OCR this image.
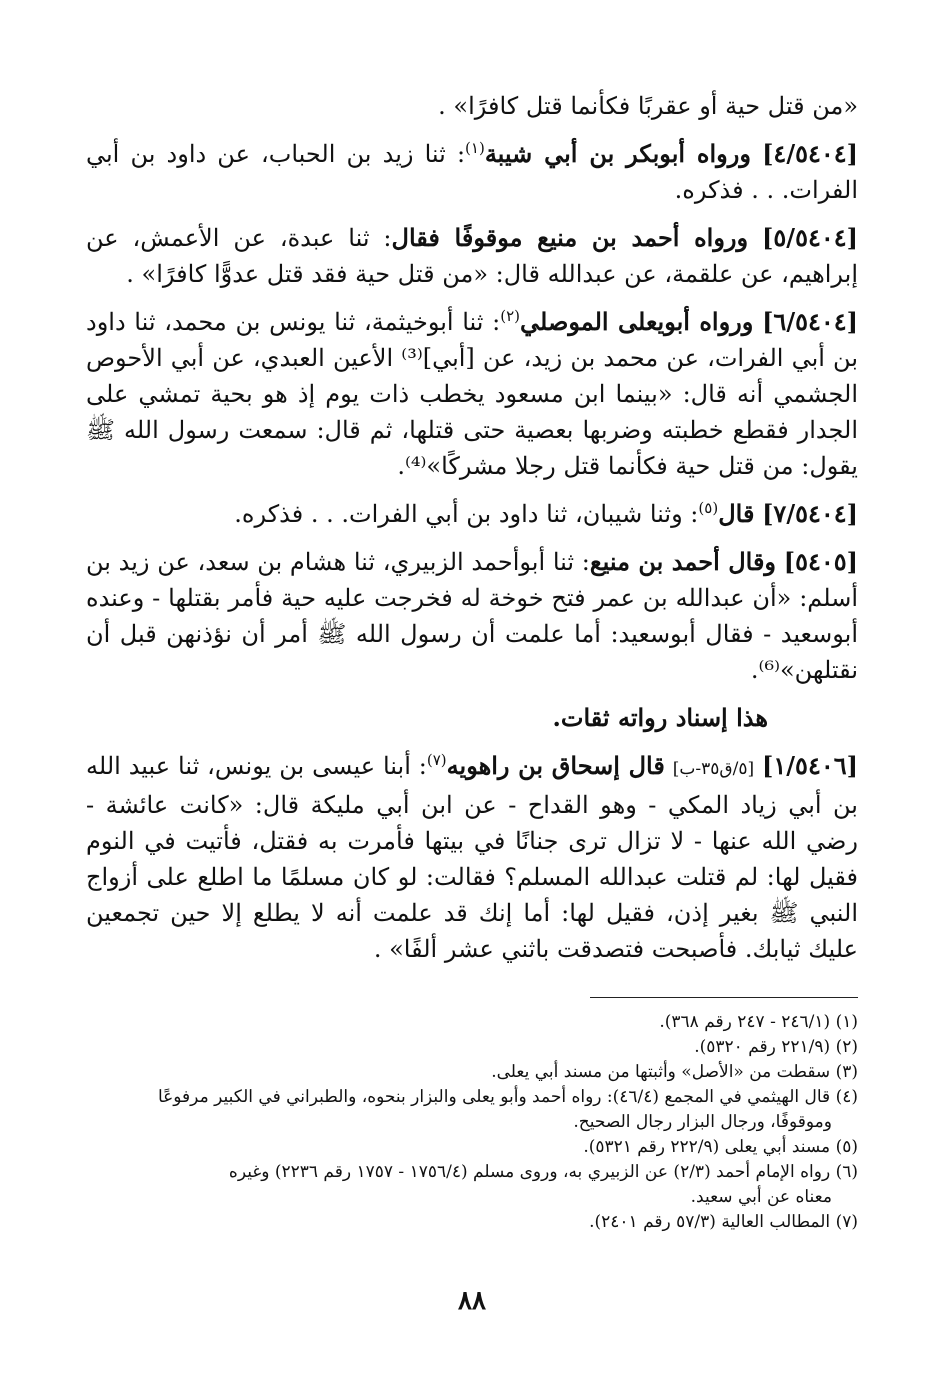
«من قتل حية أو عقربًا فكأنما قتل كافرًا» .

[٤/٥٤٠٤] ورواه أبوبكر بن أبي شيبة$^{(١)}$: ثنا زيد بن الحباب، عن داود بن أبي الفرات. . . فذكره.

[٥/٥٤٠٤] ورواه أحمد بن منيع موقوفًا فقال: ثنا عبدة، عن الأعمش، عن إبراهيم، عن علقمة، عن عبدالله قال: «من قتل حية فقد قتل عدوًّا كافرًا» .

[٦/٥٤٠٤] ورواه أبويعلى الموصلي$^{(٢)}$: ثنا أبوخيثمة، ثنا يونس بن محمد، ثنا داود بن أبي الفرات، عن محمد بن زيد، عن [أبي]⁽³⁾ الأعين العبدي، عن أبي الأحوص الجشمي أنه قال: «بينما ابن مسعود يخطب ذات يوم إذ هو بحية تمشي على الجدار فقطع خطبته وضربها بعصية حتى قتلها، ثم قال: سمعت رسول الله ﷺ يقول: من قتل حية فكأنما قتل رجلا مشركًا»⁽⁴⁾.

[٧/٥٤٠٤] قال$^{(٥)}$: وثنا شيبان، ثنا داود بن أبي الفرات. . . فذكره.

[٥٤٠٥] وقال أحمد بن منيع: ثنا أبوأحمد الزبيري، ثنا هشام بن سعد، عن زيد بن أسلم: «أن عبدالله بن عمر فتح خوخة له فخرجت عليه حية فأمر بقتلها - وعنده أبوسعيد - فقال أبوسعيد: أما علمت أن رسول الله ﷺ أمر أن نؤذنهن قبل أن نقتلهن»⁽⁶⁾.

هذا إسناد رواته ثقات.

[١/٥٤٠٦] [٥/ق٣٥-ب] قال إسحاق بن راهويه$^{(٧)}$: أبنا عيسى بن يونس، ثنا عبيد الله بن أبي زياد المكي - وهو القداح - عن ابن أبي مليكة قال: «كانت عائشة - رضي الله عنها - لا تزال ترى جنانًا في بيتها فأمرت به فقتل، فأتيت في النوم فقيل لها: لم قتلت عبدالله المسلم؟ فقالت: لو كان مسلمًا ما اطلع على أزواج النبي ﷺ بغير إذن، فقيل لها: أما إنك قد علمت أنه لا يطلع إلا حين تجمعين عليك ثيابك. فأصبحت فتصدقت باثني عشر ألفًا» .

(١) (٢٤٦/١ - ٢٤٧ رقم ٣٦٨).

(٢) (٢٢١/٩ رقم ٥٣٢٠).

(٣) سقطت من «الأصل» وأثبتها من مسند أبي يعلى.

(٤) قال الهيثمي في المجمع (٤٦/٤): رواه أحمد وأبو يعلى والبزار بنحوه، والطبراني في الكبير مرفوعًا
وموقوفًا، ورجال البزار رجال الصحيح.

(٥) مسند أبي يعلى (٢٢٢/٩ رقم ٥٣٢١).

(٦) رواه الإمام أحمد (٢/٣) عن الزبيري به، وروى مسلم (١٧٥٦/٤ - ١٧٥٧ رقم ٢٢٣٦) وغيره
معناه عن أبي سعيد.

(٧) المطالب العالية (٥٧/٣ رقم ٢٤٠١).

٨٨
